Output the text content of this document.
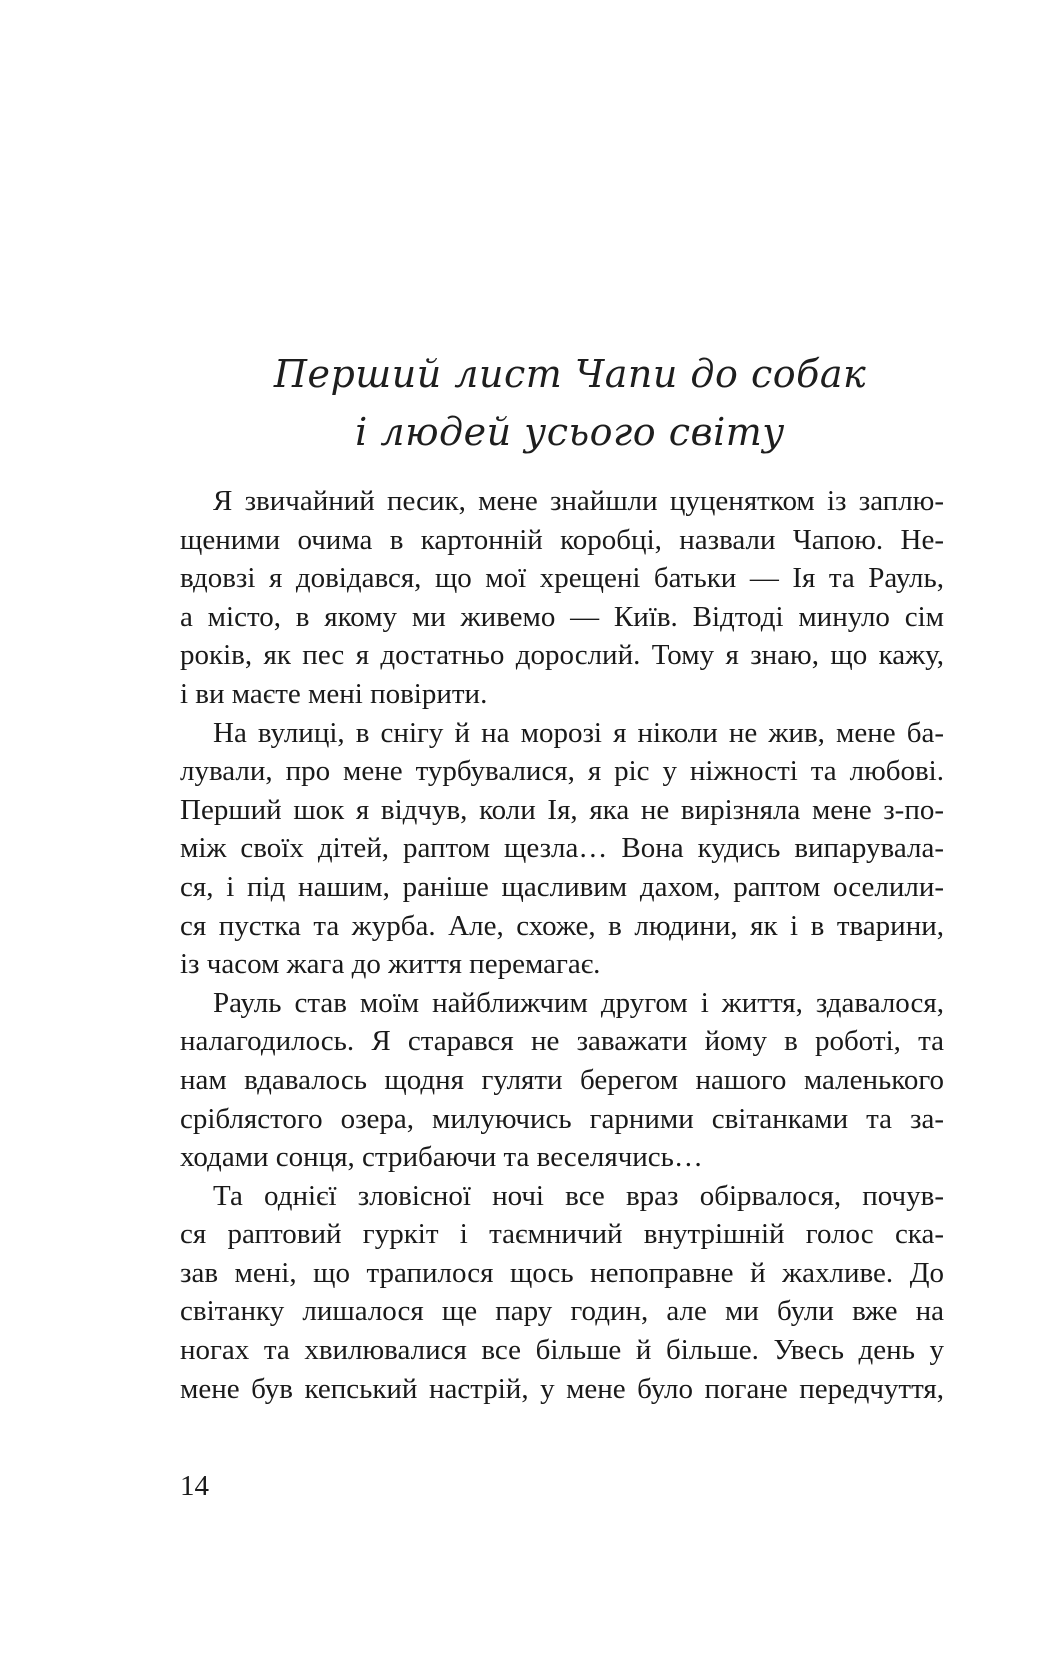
Перший лист Чапи до собак
і людей усього світу
Я звичайний песик, мене знайшли цуценятком із заплю-
щеними очима в картонній коробці, назвали Чапою. Не-
вдовзі я довідався, що мої хрещені батьки — Ія та Рауль,
а місто, в якому ми живемо — Київ. Відтоді минуло сім
років, як пес я достатньо дорослий. Тому я знаю, що кажу,
і ви маєте мені повірити.
На вулиці, в снігу й на морозі я ніколи не жив, мене ба-
лували, про мене турбувалися, я ріс у ніжності та любові.
Перший шок я відчув, коли Ія, яка не вирізняла мене з-по-
між своїх дітей, раптом щезла… Вона кудись випарувала-
ся, і під нашим, раніше щасливим дахом, раптом оселили-
ся пустка та журба. Але, схоже, в людини, як і в тварини,
із часом жага до життя перемагає.
Рауль став моїм найближчим другом і життя, здавалося,
налагодилось. Я старався не заважати йому в роботі, та
нам вдавалось щодня гуляти берегом нашого маленького
сріблястого озера, милуючись гарними світанками та за-
ходами сонця, стрибаючи та веселячись…
Та однієї зловісної ночі все враз обірвалося, почув-
ся раптовий гуркіт і таємничий внутрішній голос ска-
зав мені, що трапилося щось непоправне й жахливе. До
світанку лишалося ще пару годин, але ми були вже на
ногах та хвилювалися все більше й більше. Увесь день у
мене був кепський настрій, у мене було погане передчуття,
14
